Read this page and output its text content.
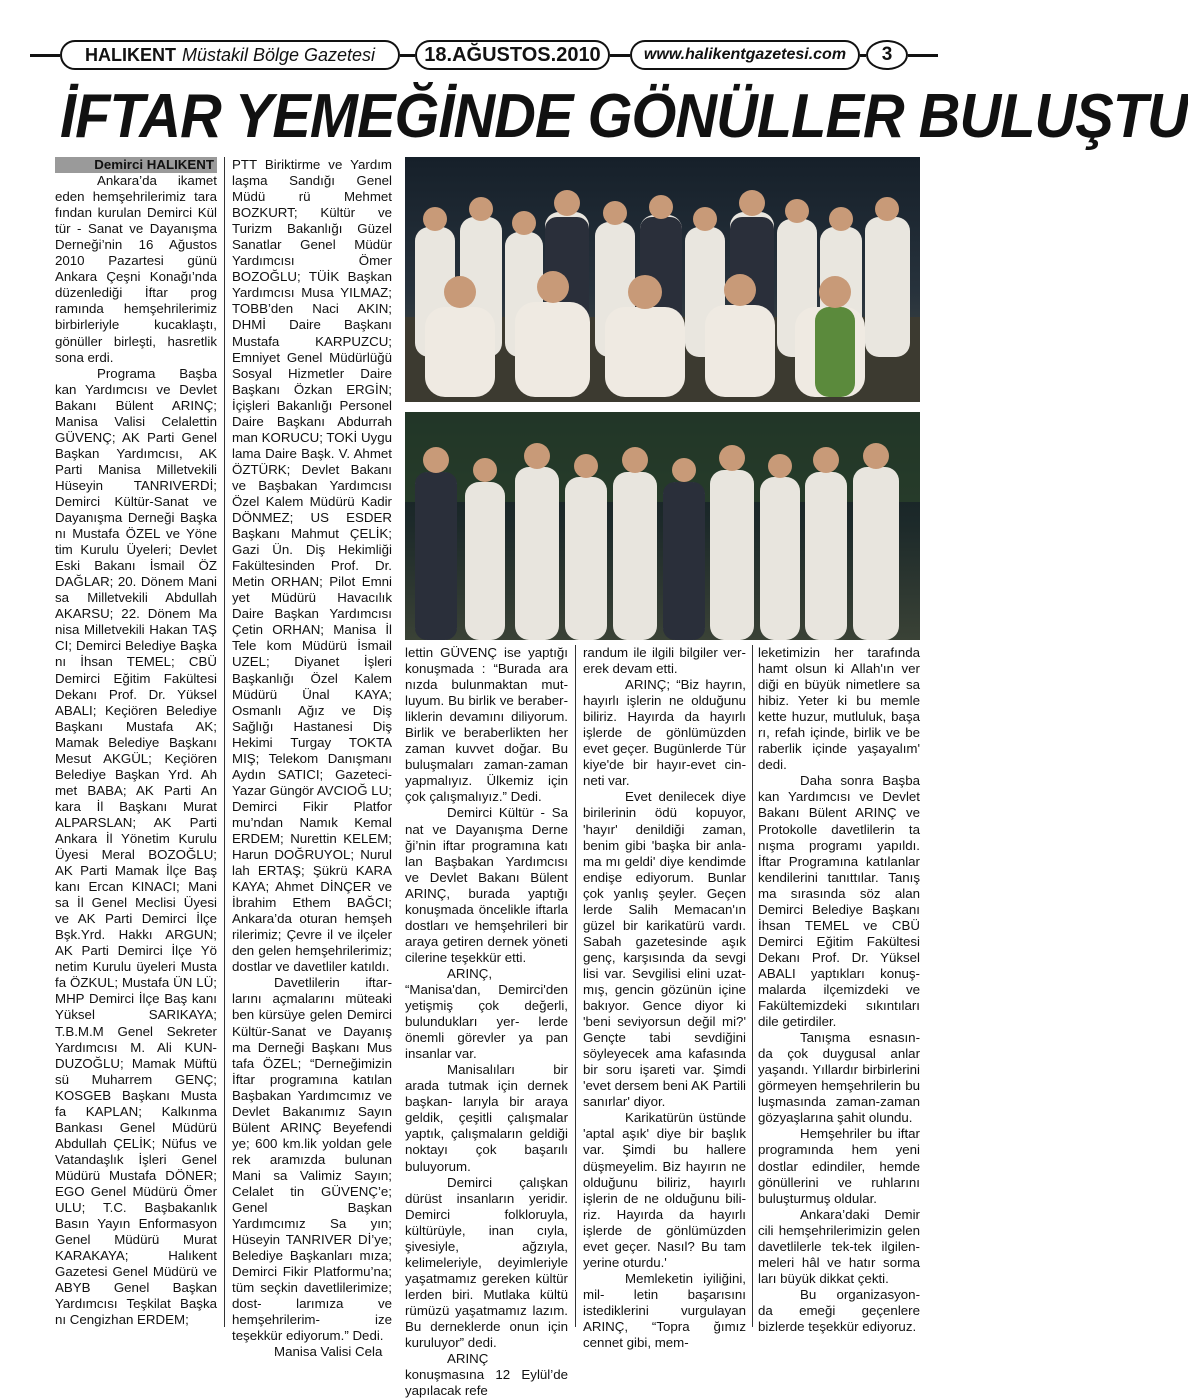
HALIKENT Müstakil Bölge Gazetesi 18.AĞUSTOS.2010	www.halikentgazetesi.com	3
İFTAR YEMEĞİNDE GÖNÜLLER BULUŞTU

Demirci HALIKENT

Ankara’da ikamet eden hemşehrilerimiz tara fından kurulan Demirci Kül tür - Sanat ve Dayanışma Derneği’nin 16 Ağustos 2010 Pazartesi günü Ankara Çeşni Konağı’nda düzenlediği İftar prog ramında hemşehrilerimiz birbirleriyle kucaklaştı, gönüller birleşti, hasretlik sona erdi.

Programa Başba kan Yardımcısı ve Devlet Bakanı Bülent ARINÇ; Manisa Valisi Celalettin GÜVENÇ; AK Parti Genel Başkan Yardımcısı, AK Parti Manisa Milletvekili Hüseyin TANRIVERDİ; Demirci Kültür-Sanat ve Dayanışma Derneği Başka nı Mustafa ÖZEL ve Yöne tim Kurulu Üyeleri; Devlet Eski Bakanı İsmail ÖZ DAĞLAR; 20. Dönem Mani sa Milletvekili Abdullah AKARSU; 22. Dönem Ma nisa Milletvekili Hakan TAŞ CI; Demirci Belediye Başka nı İhsan TEMEL; CBÜ Demirci Eğitim Fakültesi Dekanı Prof. Dr. Yüksel ABALI; Keçiören Belediye Başkanı Mustafa AK; Mamak Belediye Başkanı Mesut AKGÜL; Keçiören Belediye Başkan Yrd. Ah met BABA; AK Parti An kara İl Başkanı Murat ALPARSLAN; AK Parti Ankara İl Yönetim Kurulu Üyesi Meral BOZOĞLU; AK Parti Mamak İlçe Baş kanı Ercan KINACI; Mani sa İl Genel Meclisi Üyesi ve AK Parti Demirci İlçe Bşk.Yrd. Hakkı ARGUN; AK Parti Demirci İlçe Yö netim Kurulu üyeleri Musta fa ÖZKUL; Mustafa ÜN LÜ; MHP Demirci İlçe Baş kanı Yüksel SARIKAYA; T.B.M.M Genel Sekreter Yardımcısı M. Ali KUN- DUZOĞLU; Mamak Müftü sü Muharrem GENÇ; KOSGEB Başkanı Musta fa KAPLAN; Kalkınma Bankası Genel Müdürü Abdullah ÇELİK; Nüfus ve Vatandaşlık İşleri Genel Müdürü Mustafa DÖNER; EGO Genel Müdürü Ömer ULU; T.C. Başbakanlık Basın Yayın Enformasyon Genel Müdürü Murat KARAKAYA; Halıkent Gazetesi Genel Müdürü ve ABYB Genel Başkan Yardımcısı Teşkilat Başka nı Cengizhan ERDEM;

PTT Biriktirme ve Yardım laşma Sandığı Genel Müdü rü Mehmet BOZKURT; Kültür ve Turizm Bakanlığı Güzel Sanatlar Genel Müdür Yardımcısı Ömer BOZOĞLU; TÜİK Başkan Yardımcısı Musa YILMAZ; TOBB’den Naci AKIN; DHMİ Daire Başkanı Mustafa KARPUZCU; Emniyet Genel Müdürlüğü Sosyal Hizmetler Daire Başkanı Özkan ERGİN; İçişleri Bakanlığı Personel Daire Başkanı Abdurrah man KORUCU; TOKİ Uygu lama Daire Başk. V. Ahmet ÖZTÜRK; Devlet Bakanı ve Başbakan Yardımcısı Özel Kalem Müdürü Kadir DÖNMEZ; US ESDER Başkanı Mahmut ÇELİK; Gazi Ün. Diş Hekimliği Fakültesinden Prof. Dr. Metin ORHAN; Pilot Emni yet Müdürü Havacılık Daire Başkan Yardımcısı Çetin ORHAN; Manisa İl Tele kom Müdürü İsmail UZEL; Diyanet İşleri Başkanlığı Özel Kalem Müdürü Ünal KAYA; Osmanlı Ağız ve Diş Sağlığı Hastanesi Diş Hekimi Turgay TOKTA MIŞ; Telekom Danışmanı Aydın SATICI; Gazeteci- Yazar Güngör AVCIOĞ LU; Demirci Fikir Platfor mu’ndan Namık Kemal ERDEM; Nurettin KELEM; Harun DOĞRUYOL; Nurul lah ERTAŞ; Şükrü KARA KAYA; Ahmet DİNÇER ve İbrahim Ethem BAĞCI; Ankara’da oturan hemşeh rilerimiz; Çevre il ve ilçeler den gelen hemşehrilerimiz; dostlar ve davetliler katıldı.

Davetlilerin iftar- larını açmalarını müteaki ben kürsüye gelen Demirci Kültür-Sanat ve Dayanış ma Derneği Başkanı Mus tafa ÖZEL; “Derneğimizin İftar programına katılan Başbakan Yardımcımız ve Devlet Bakanımız Sayın Bülent ARINÇ Beyefendi ye; 600 km.lik yoldan gele rek aramızda bulunan Mani sa Valimiz Sayın; Celalet tin GÜVENÇ’e; Genel Başkan Yardımcımız Sa yın; Hüseyin TANRIVER Dİ’ye; Belediye Başkanları mıza; Demirci Fikir Platformu’na; tüm seçkin davetlilerimize; dost- larımıza ve hemşehrilerim- ize teşekkür ediyorum.” Dedi.

Manisa Valisi Cela

lettin GÜVENÇ ise yaptığı konuşmada : “Burada ara nızda bulunmaktan mut- luyum. Bu birlik ve beraber- liklerin devamını diliyorum. Birlik ve beraberlikten her zaman kuvvet doğar. Bu buluşmaları zaman-zaman yapmalıyız. Ülkemiz için çok çalışmalıyız.” Dedi.

Demirci Kültür - Sa nat ve Dayanışma Derne ği’nin iftar programına katı lan Başbakan Yardımcısı ve Devlet Bakanı Bülent ARINÇ, burada yaptığı konuşmada öncelikle iftarla dostları ve hemşehrileri bir araya getiren dernek yöneti cilerine teşekkür etti.

ARINÇ, “Manisa'dan, Demirci'den yetişmiş çok değerli, bulundukları yer- lerde önemli görevler ya pan insanlar var.

Manisalıları bir arada tutmak için dernek başkan- larıyla bir araya geldik, çeşitli çalışmalar yaptık, çalışmaların geldiği noktayı çok başarılı buluyorum.

Demirci çalışkan dürüst insanların yeridir. Demirci folkloruyla, kültürüyle, inan cıyla, şivesiyle, ağzıyla, kelimeleriyle, deyimleriyle yaşatmamız gereken kültür lerden biri. Mutlaka kültü rümüzü yaşatmamız lazım. Bu derneklerde onun için kuruluyor” dedi.

ARINÇ konuşmasına 12 Eylül’de yapılacak refe

randum ile ilgili bilgiler ver- erek devam etti.

ARINÇ; “Biz hayrın, hayırlı işlerin ne olduğunu biliriz. Hayırda da hayırlı işlerde de gönlümüzden evet geçer. Bugünlerde Tür kiye'de bir hayır-evet cin- neti var.

Evet denilecek diye birilerinin ödü kopuyor, 'hayır' denildiği zaman, benim gibi 'başka bir anla- ma mı geldi' diye kendimde endişe ediyorum. Bunlar çok yanlış şeyler. Geçen lerde Salih Memacan'ın güzel bir karikatürü vardı. Sabah gazetesinde aşık genç, karşısında da sevgi lisi var. Sevgilisi elini uzat- mış, gencin gözünün içine bakıyor. Gence diyor ki 'beni seviyorsun değil mi?' Gençte tabi sevdiğini söyleyecek ama kafasında bir soru işareti var. Şimdi 'evet dersem beni AK Partili sanırlar' diyor.

Karikatürün üstünde 'aptal aşık' diye bir başlık var. Şimdi bu hallere düşmeyelim. Biz hayırın ne olduğunu biliriz, hayırlı işlerin de ne olduğunu bili- riz. Hayırda da hayırlı işlerde de gönlümüzden evet geçer. Nasıl? Bu tam yerine oturdu.'

Memleketin iyiliğini, mil- letin başarısını istediklerini vurgulayan ARINÇ, “Topra ğımız cennet gibi, mem-

leketimizin her tarafında hamt olsun ki Allah'ın ver diği en büyük nimetlere sa hibiz. Yeter ki bu memle kette huzur, mutluluk, başa rı, refah içinde, birlik ve be raberlik içinde yaşayalım' dedi.

Daha sonra Başba kan Yardımcısı ve Devlet Bakanı Bülent ARINÇ ve Protokolle davetlilerin ta nışma programı yapıldı. İftar Programına katılanlar kendilerini tanıttılar. Tanış ma sırasında söz alan Demirci Belediye Başkanı İhsan TEMEL ve CBÜ Demirci Eğitim Fakültesi Dekanı Prof. Dr. Yüksel ABALI yaptıkları konuş- malarda ilçemizdeki ve Fakültemizdeki sıkıntıları dile getirdiler.

Tanışma esnasın- da çok duygusal anlar yaşandı. Yıllardır birbirlerini görmeyen hemşehrilerin bu luşmasında zaman-zaman gözyaşlarına şahit olundu.

Hemşehriler bu iftar programında hem yeni dostlar edindiler, hemde gönüllerini ve ruhlarını buluşturmuş oldular.

Ankara’daki Demir cili hemşehrilerimizin gelen davetlilerle tek-tek ilgilen- meleri hâl ve hatır sorma ları büyük dikkat çekti.

Bu organizasyon- da emeği geçenlere bizlerde teşekkür ediyoruz.
